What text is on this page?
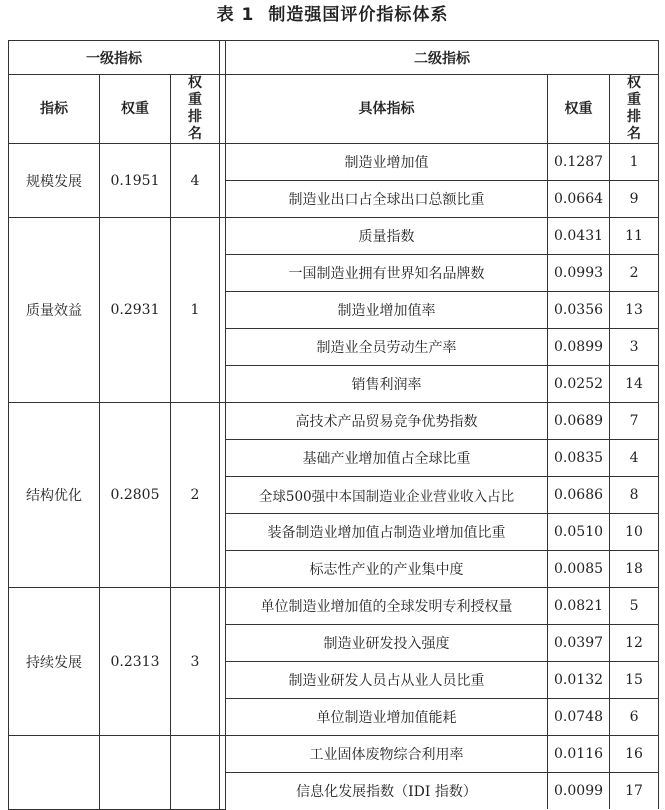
表 1 制造强国评价指标体系
一级指标				二级指标		
指标	权重	权重排名		具体指标	权重	权重排名
规模发展	0.1951	4		制造业增加值	0.1287	1
				制造业出口占全球出口总额比重	0.0664	9
质量效益	0.2931	1		质量指数	0.0431	11
				一国制造业拥有世界知名品牌数	0.0993	2
				制造业增加值率	0.0356	13
				制造业全员劳动生产率	0.0899	3
				销售利润率	0.0252	14
结构优化	0.2805	2		高技术产品贸易竞争优势指数	0.0689	7
				基础产业增加值占全球比重	0.0835	4
				全球500强中本国制造业企业营业收入占比	0.0686	8
				装备制造业增加值占制造业增加值比重	0.0510	10
				标志性产业的产业集中度	0.0085	18
持续发展	0.2313	3		单位制造业增加值的全球发明专利授权量	0.0821	5
				制造业研发投入强度	0.0397	12
				制造业研发人员占从业人员比重	0.0132	15
				单位制造业增加值能耗	0.0748	6
				工业固体废物综合利用率	0.0116	16
				信息化发展指数（IDI 指数）	0.0099	17
